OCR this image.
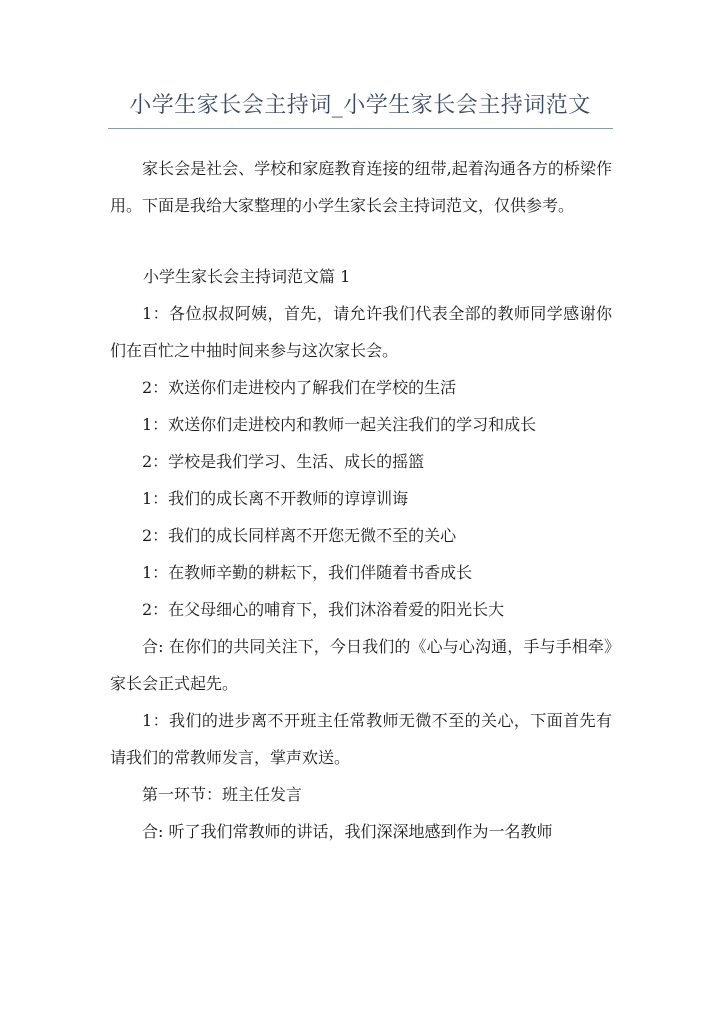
小学生家长会主持词_小学生家长会主持词范文

家长会是社会、学校和家庭教育连接的纽带,起着沟通各方的桥梁作用。下面是我给大家整理的小学生家长会主持词范文，仅供参考。

小学生家长会主持词范文篇 1

1：各位叔叔阿姨，首先，请允许我们代表全部的教师同学感谢你们在百忙之中抽时间来参与这次家长会。

2：欢送你们走进校内了解我们在学校的生活

1：欢送你们走进校内和教师一起关注我们的学习和成长

2：学校是我们学习、生活、成长的摇篮

1：我们的成长离不开教师的谆谆训诲

2：我们的成长同样离不开您无微不至的关心

1：在教师辛勤的耕耘下，我们伴随着书香成长

2：在父母细心的哺育下，我们沐浴着爱的阳光长大

合: 在你们的共同关注下，今日我们的《心与心沟通，手与手相牵》家长会正式起先。

1：我们的进步离不开班主任常教师无微不至的关心，下面首先有请我们的常教师发言，掌声欢送。

第一环节：班主任发言

合: 听了我们常教师的讲话，我们深深地感到作为一名教师
